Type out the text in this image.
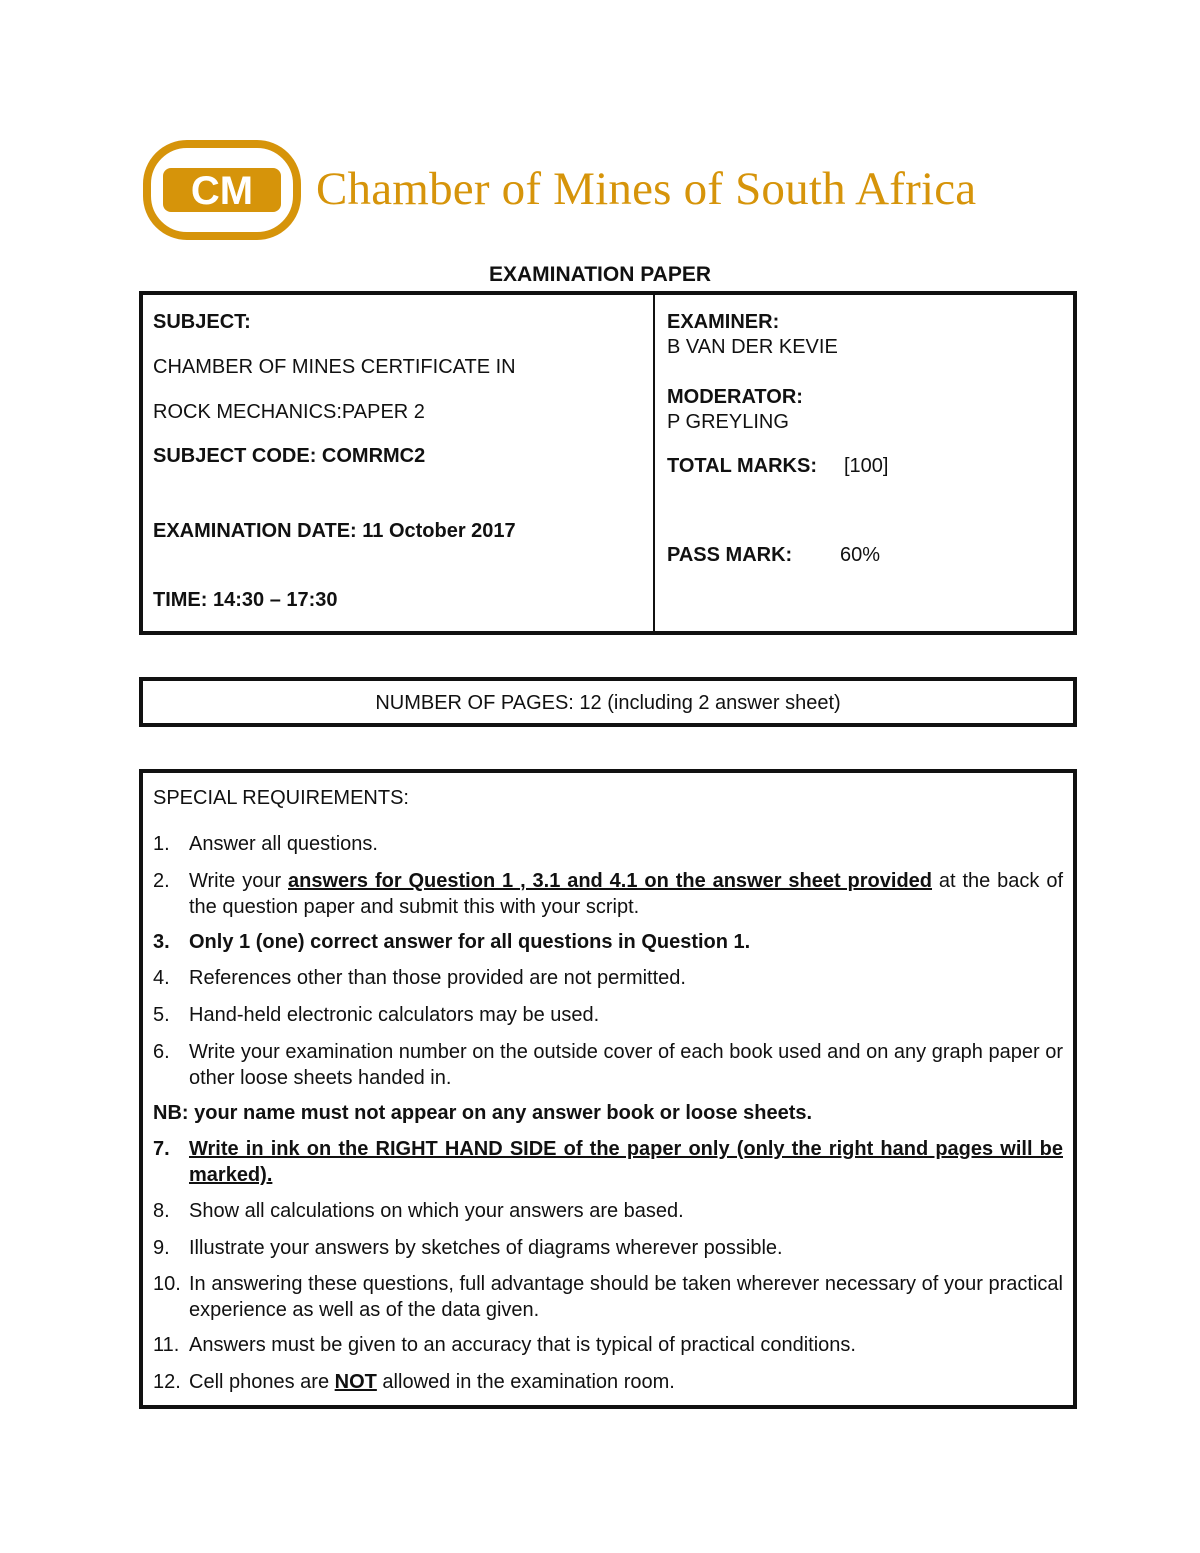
CM Chamber of Mines of South Africa
EXAMINATION PAPER
SUBJECT:
CHAMBER OF MINES CERTIFICATE IN
ROCK MECHANICS:PAPER 2
SUBJECT CODE: COMRMC2
EXAMINATION DATE: 11 October 2017
TIME: 14:30 – 17:30
EXAMINER:
B VAN DER KEVIE
MODERATOR:
P GREYLING
TOTAL MARKS: [100]
PASS MARK: 60%
NUMBER OF PAGES: 12 (including 2 answer sheet)
SPECIAL REQUIREMENTS:
1. Answer all questions.
2. Write your answers for Question 1 , 3.1 and 4.1 on the answer sheet provided at the back of the question paper and submit this with your script.
3. Only 1 (one) correct answer for all questions in Question 1.
4. References other than those provided are not permitted.
5. Hand-held electronic calculators may be used.
6. Write your examination number on the outside cover of each book used and on any graph paper or other loose sheets handed in.
NB: your name must not appear on any answer book or loose sheets.
7. Write in ink on the RIGHT HAND SIDE of the paper only (only the right hand pages will be marked).
8. Show all calculations on which your answers are based.
9. Illustrate your answers by sketches of diagrams wherever possible.
10. In answering these questions, full advantage should be taken wherever necessary of your practical experience as well as of the data given.
11. Answers must be given to an accuracy that is typical of practical conditions.
12. Cell phones are NOT allowed in the examination room.
